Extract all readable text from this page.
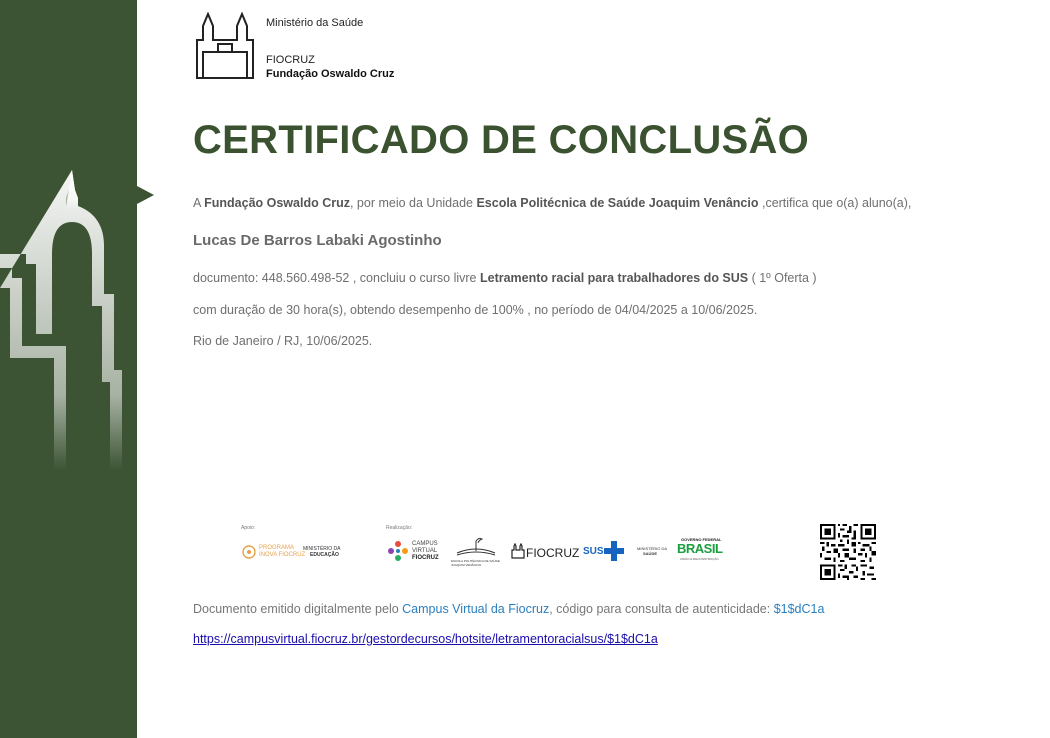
Ministério da Saúde
FIOCRUZ
Fundação Oswaldo Cruz
CERTIFICADO DE CONCLUSÃO
A Fundação Oswaldo Cruz, por meio da Unidade Escola Politécnica de Saúde Joaquim Venâncio ,certifica que o(a) aluno(a),
Lucas De Barros Labaki Agostinho
documento: 448.560.498-52 , concluiu o curso livre Letramento racial para trabalhadores do SUS ( 1º Oferta )
com duração de 30 hora(s), obtendo desempenho de 100% , no período de 04/04/2025 a 10/06/2025.
Rio de Janeiro / RJ, 10/06/2025.
Apoio:	Realização:
PROGRAMA
INOVA FIOCRUZ
MINISTÉRIO DA
EDUCAÇÃO
CAMPUS
VIRTUAL
FIOCRUZ	ESCOLA POLITÉCNICA DE SAÚDE JOAQUIM VENÂNCIO
FIOCRUZ SUS	MINISTÉRIO DA
SAÚDE
GOVERNO FEDERAL
BRASIL
UNIÃO E RECONSTRUÇÃO
Documento emitido digitalmente pelo Campus Virtual da Fiocruz, código para consulta de autenticidade: $1$dC1a
https://campusvirtual.fiocruz.br/gestordecursos/hotsite/letramentoracialsus/$1$dC1a
